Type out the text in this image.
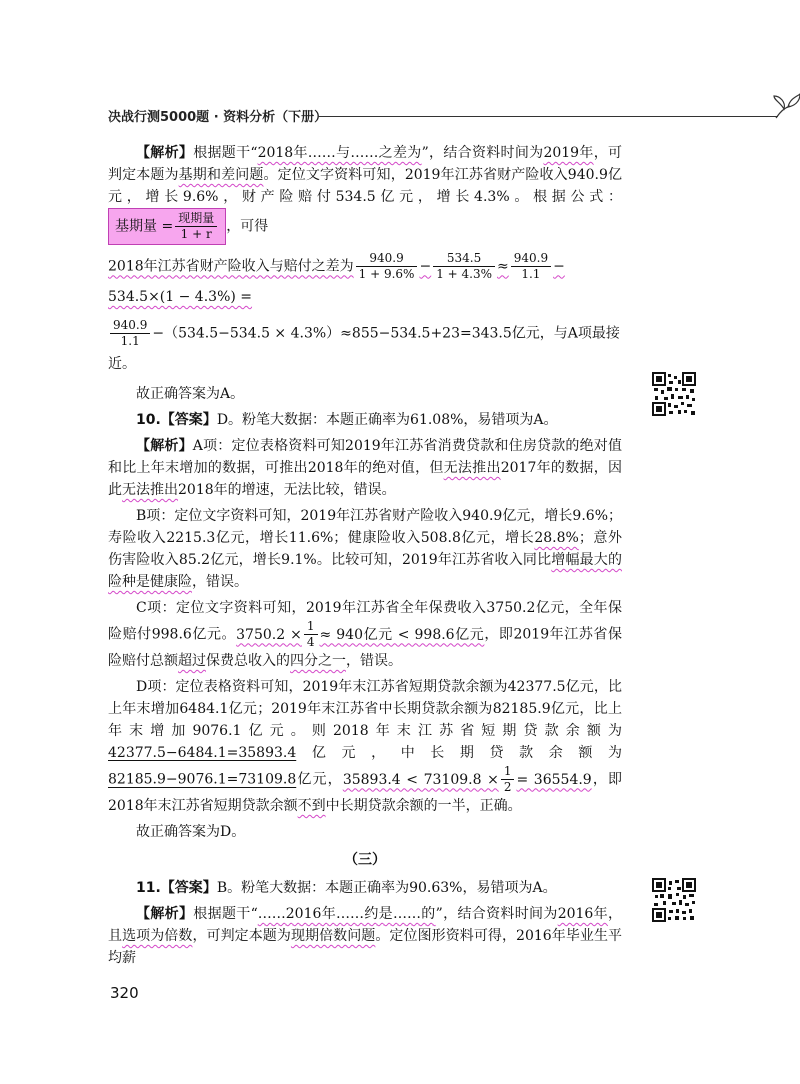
决战行测5000题 · 资料分析（下册）

【解析】根据题干“2018年……与……之差为”，结合资料时间为2019年，可判定本题为基期和差问题。定位文字资料可知，2019年江苏省财产险收入940.9亿元，增长9.6%，财产险赔付534.5亿元，增长4.3%。根据公式：基期量 = $\frac{\text{现期量}}{1 + r}$ ，可得

2018年江苏省财产险收入与赔付之差为 $\frac{940.9}{1 + 9.6\%} - \frac{534.5}{1 + 4.3\%} \approx \frac{940.9}{1.1} - 534.5\times(1 - 4.3\%)$ =

$\frac{940.9}{1.1} -(534.5-534.5 \times 4.3\%)\approx 855-534.5+23=343.5$亿元，与A项最接近。

故正确答案为A。

10.【答案】D。粉笔大数据：本题正确率为61.08%，易错项为A。

【解析】A项：定位表格资料可知2019年江苏省消费贷款和住房贷款的绝对值和比上年末增加的数据，可推出2018年的绝对值，但无法推出2017年的数据，因此无法推出2018年的增速，无法比较，错误。

B项：定位文字资料可知，2019年江苏省财产险收入940.9亿元，增长9.6%；寿险收入2215.3亿元，增长11.6%；健康险收入508.8亿元，增长28.8%；意外伤害险收入85.2亿元，增长9.1%。比较可知，2019年江苏省收入同比增幅最大的险种是健康险，错误。

C项：定位文字资料可知，2019年江苏省全年保费收入3750.2亿元，全年保险赔付998.6亿元。$3750.2 \times \frac{1}{4} \approx 940$亿元 < 998.6亿元，即2019年江苏省保险赔付总额超过保费总收入的四分之一，错误。

D项：定位表格资料可知，2019年末江苏省短期贷款余额为42377.5亿元，比上年末增加6484.1亿元；2019年末江苏省中长期贷款余额为82185.9亿元，比上年末增加9076.1亿元。则2018年末江苏省短期贷款余额为42377.5−6484.1=35893.4亿元，中长期贷款余额为82185.9−9076.1=73109.8亿元，$35893.4 < 73109.8 \times \frac{1}{2} = 36554.9$，即2018年末江苏省短期贷款余额不到中长期贷款余额的一半，正确。

故正确答案为D。

（三）

11.【答案】B。粉笔大数据：本题正确率为90.63%，易错项为A。

【解析】根据题干“……2016年……约是……的”，结合资料时间为2016年，且选项为倍数，可判定本题为现期倍数问题。定位图形资料可得，2016年毕业生平均薪

320
